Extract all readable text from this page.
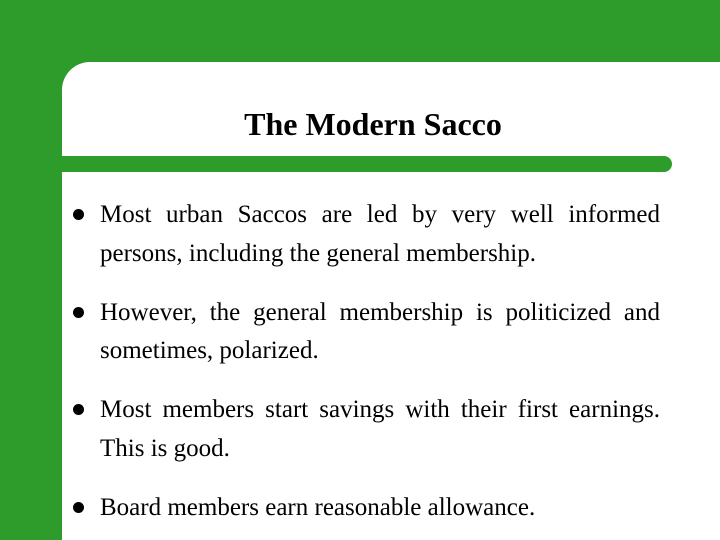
The Modern Sacco
Most urban Saccos are led by very well informed persons, including the general membership.
However, the general membership is politicized and sometimes, polarized.
Most members start savings with their first earnings. This is good.
Board members earn reasonable allowance.
